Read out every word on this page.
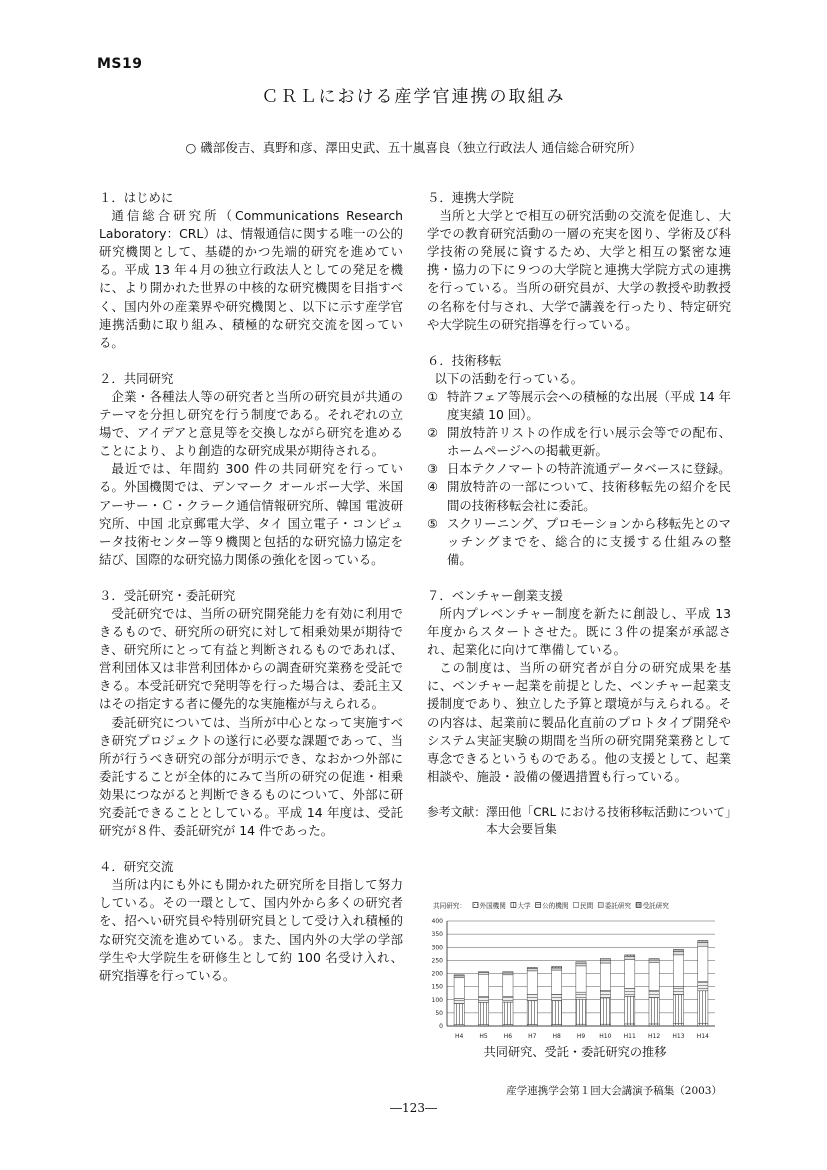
MS19
ＣＲＬにおける産学官連携の取組み
○ 磯部俊吉、真野和彦、澤田史武、五十嵐喜良（独立行政法人 通信総合研究所）
１．はじめに

通信総合研究所（Communications Research Laboratory：CRL）は、情報通信に関する唯一の公的研究機関として、基礎的かつ先端的研究を進めている。平成 13 年４月の独立行政法人としての発足を機に、より開かれた世界の中核的な研究機関を目指すべく、国内外の産業界や研究機関と、以下に示す産学官連携活動に取り組み、積極的な研究交流を図っている。

２．共同研究

企業・各種法人等の研究者と当所の研究員が共通のテーマを分担し研究を行う制度である。それぞれの立場で、アイデアと意見等を交換しながら研究を進めることにより、より創造的な研究成果が期待される。

最近では、年間約 300 件の共同研究を行っている。外国機関では、デンマーク オールボー大学、米国アーサー・Ｃ・クラーク通信情報研究所、韓国 電波研究所、中国 北京郵電大学、タイ 国立電子・コンピュータ技術センター等９機関と包括的な研究協力協定を結び、国際的な研究協力関係の強化を図っている。

３．受託研究・委託研究

受託研究では、当所の研究開発能力を有効に利用できるもので、研究所の研究に対して相乗効果が期待でき、研究所にとって有益と判断されるものであれば、営利団体又は非営利団体からの調査研究業務を受託できる。本受託研究で発明等を行った場合は、委託主又はその指定する者に優先的な実施権が与えられる。

委託研究については、当所が中心となって実施すべき研究プロジェクトの遂行に必要な課題であって、当所が行うべき研究の部分が明示でき、なおかつ外部に委託することが全体的にみて当所の研究の促進・相乗効果につながると判断できるものについて、外部に研究委託できることとしている。平成 14 年度は、受託研究が８件、委託研究が 14 件であった。

４．研究交流

当所は内にも外にも開かれた研究所を目指して努力している。その一環として、国内外から多くの研究者を、招へい研究員や特別研究員として受け入れ積極的な研究交流を進めている。また、国内外の大学の学部学生や大学院生を研修生として約 100 名受け入れ、研究指導を行っている。

５．連携大学院

当所と大学とで相互の研究活動の交流を促進し、大学での教育研究活動の一層の充実を図り、学術及び科学技術の発展に資するため、大学と相互の緊密な連携・協力の下に９つの大学院と連携大学院方式の連携を行っている。当所の研究員が、大学の教授や助教授の名称を付与され、大学で講義を行ったり、特定研究や大学院生の研究指導を行っている。

６．技術移転

以下の活動を行っている。

① 特許フェア等展示会への積極的な出展（平成 14 年度実績 10 回）。
② 開放特許リストの作成を行い展示会等での配布、ホームページへの掲載更新。
③ 日本テクノマートの特許流通データベースに登録。
④ 開放特許の一部について、技術移転先の紹介を民間の技術移転会社に委託。
⑤ スクリーニング、プロモーションから移転先とのマッチングまでを、総合的に支援する仕組みの整備。
７．ベンチャー創業支援

所内プレベンチャー制度を新たに創設し、平成 13 年度からスタートさせた。既に３件の提案が承認され、起業化に向けて準備している。

この制度は、当所の研究者が自分の研究成果を基に、ベンチャー起業を前提とした、ベンチャー起業支援制度であり、独立した予算と環境が与えられる。その内容は、起業前に製品化直前のプロトタイプ開発やシステム実証実験の期間を当所の研究開発業務として専念できるというものである。他の支援として、起業相談や、施設・設備の優遇措置も行っている。

参考文献： 澤田他「CRL における技術移転活動について」本大会要旨集
共同研究： 外国機関 大学 公的機関 民間 委託研究 受託研究
0
50
100
150
200
250
300
350
400
H4	H5	H6	H7	H8	H9 H10 H11 H12 H13 H14
共同研究、受託・委託研究の推移
産学連携学会第１回大会講演予稿集（2003）
―123―
